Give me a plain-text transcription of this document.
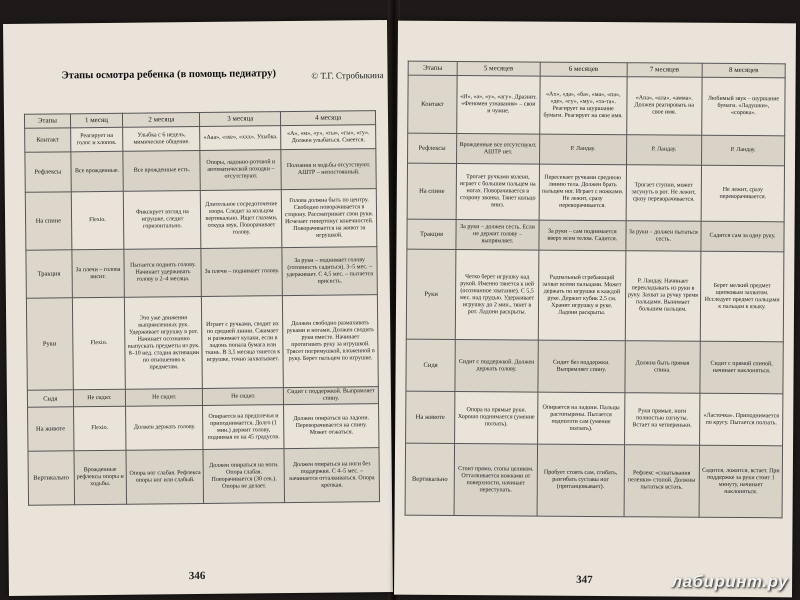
Этапы осмотра ребенка (в помощь педиатру)	© Т.Г. Стробыкина
Этапы	1 месяц	2 месяца	3 месяца	4 месяца
Контакт	Реагирует на голос и хлопок.	Улыбка с 6 недель, мимическое общение.	«Ааа», «эхе», «ххх». Улыбка.	«А», «м», «у», «гы», «гы», «гу». Должен улыбаться. Смеется.
Рефлексы	Все врожденные.	Все врожденные есть.	Опоры, ладонно-ротовой и автоматической походки – отсутствуют.	Ползания и ходьбы отсутствуют. АШТР – непостоянный.
На спине	Flexio.	Фиксирует взгляд на игрушке, следит горизонтально.	Длительное сосредоточение взора. Следит за кольцом вертикально. Ищет глазами, откуда звук. Поворачивает голову.	Голова должна быть по центру. Свободно поворачивается в сторону. Рассматривает свои руки. Исчезает гипертонус конечностей. Поворачивается на живот за игрушкой.
Тракция	За плечи – голова висит.	Пытается поднять голову. Начинает удерживать голову в 2–4 месяца.	За плечи – поднимает голову.	За руки – поднимает голову (готовность садиться). 3–5 мес. – удерживает. С 4,5 мес. – пытается присесть.
Руки	Flexio.	Это уже движения выпрямленных рук. Удерживает игрушку в рот. Начинает осознанно выпускать предметы из рук. 8–10 нед. стадия активации по отношению к предметам.	Играет с ручками, сводит их по средней линии. Сжимает и разжимает кулаки, если в ладонь попала бумага или ткань. В 3,5 месяца тянется к игрушке, точно захватывает.	Должен свободно размахивать руками и ногами. Должен сводить руки вместе. Начинает протягивать руку за игрушкой. Трясет погремушкой, вложенной в руку. Берет пальцем по игрушке.
Сидя	Не сидит.	Не сидит.	Не сидит.	Сидит с поддержкой. Выпрямляет спину.
На животе	Flexio.	Должен держать голову.	Опирается на предплечья и приподнимается. Долго (1 мин.) держит голову, поднимая ее на 45 градусов.	Должен опираться на ладони. Переворачивается на спину. Может отжаться.
Вертикально	Врожденные рефлексы опоры и ходьбы.	Опора ног слабая. Рефлекса опоры ног или слабый.	Должен опираться на ноги. Опора слабая. Поворачивается (30 сек.). Опоры не делает.	Должен опираться на ноги без поддержки. С 4–5 мес. – начинается отталкиваться. Опора крепкая.
346
Этапы	5 месяцев	6 месяцев	7 месяцев	8 месяцев
Контакт	«И», «а», «у», «агу». Дразнит. «Феномен узнавания» – свои и чужие.	«Ах», «да», «ба», «ма», «па», «де», «гу», «му», «та-та». Реагирует на шуршание бумаги. Реагирует на свое имя.	«Апа», «ала», «амма». Должен реагировать на свое имя.	Любимый звук – шуршание бумаги. «Ладушки», «сорока».
Рефлексы	Врожденные все отсутствуют. АШТР нет.	Р. Ландау.	Р. Ландау.	Р. Ландау.
На спине	Трогает ручками колени, играет с большим пальцем на ногах. Поворачивается в сторону звонка. Тянет кольцо вниз.	Пересекает ручками среднюю линию тела. Должен брать пальцем ног. Играет с ножками. Не лежит, сразу переворачивается.	Трогает ступни, может засунуть в рот. Не лежит, сразу переворачивается.	Не лежит, сразу переворачивается.
Тракция	За руки – должен сесть. Если не держит голову – выпрямляет.	За руки – сам поднимается вверх всем телом. Садится.	За руки – должен пытаться сесть.	Садится сам за одну руку.
Руки	Четко берет игрушку над рукой. Именно тянется к ней (осознанное хватание). С 5,5 мес. над грудью. Удерживает игрушку до 2 мин., тянет в рот. Ладони раскрыты.	Радиальный сгребающий захват всеми пальцами. Может держать по игрушке в каждой руке. Держит кубик 2,5 см. Хранит игрушку в руке. Ладони раскрыты.	Р. Ландау. Начинает перекладывать из руки в руку. Захват за ручку тремя пальцами. Вынимает большим пальцем.	Берет мелкий предмет щипковым захватом. Исследует предмет пальцами к пальцам к языку.
Сидя	Сидит с поддержкой. Должен держать голову.	Сидит без поддержки. Выпрямляет спину.	Должна быть прямая спина.	Сидит с прямой спиной, начинает наклоняться.
На животе	Опора на прямые руки. Хорошо поднимается (умение ползать).	Опирается на ладони. Пальцы растопырены. Пытается подползти сам (умение ползать).	Руки прямые, ноги полностью согнуты. Встает на четвереньки.	«Ласточка». Приподнимается по кругу. Пытается ползать.
Вертикально	Стоит прямо, стопы целиком. Отталкивается ножками от поверхности, начинает переступать.	Пробует стоять сам, сгибать, разгибать суставы ног (пританцовывает).	Рефлекс «схватывания пеленки» стопой. Должны пытаться встать.	Садится, ложится, встает. При поддержке за руки стоит 1 минуту, начинает наклоняться.
347	лабиринт.ру
